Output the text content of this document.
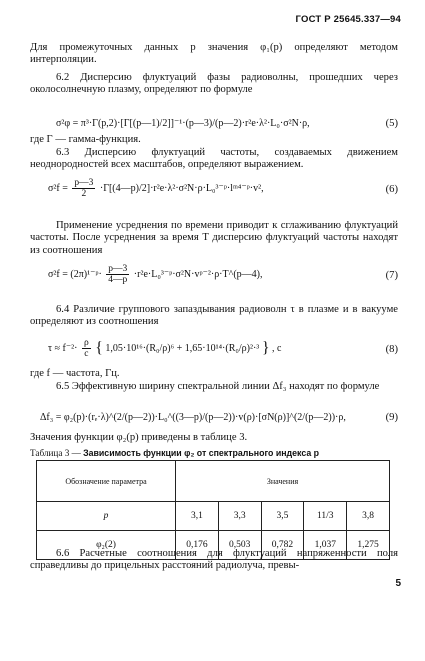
ГОСТ Р 25645.337—94
Для промежуточных данных p значения φ₁(p) определяют методом интерполяции.
6.2 Дисперсию флуктуаций фазы радиоволны, прошедших через околосолнечную плазму, определяют по формуле
σ²φ = π³·Г(p,2)·[Г[(p—1)/2]]⁻¹·(p—3)/(p—2)·r²e·λ²·L₀·σ²N·ρ,	(5)
где Г — гамма-функция.
6.3 Дисперсию флуктуаций частоты, создаваемых движением неоднородностей всех масштабов, определяют выражением.
$\sigma^2f = \frac{p—3}{2}$ ·Г[(4—p)/2]·r²e·λ²·σ²N·ρ·L₀³⁻ᵖ·lᵐ⁴⁻ᵖ·v²,	(6)
Применение усреднения по времени приводит к сглаживанию флуктуаций частоты. После усреднения за время T дисперсию флуктуаций частоты находят из соотношения
σ²f = (2π)¹⁻ᵖ· $\frac{p—3}{4—p}$ ·r²e·L₀³⁻ᵖ·σ²N·vᵖ⁻²·ρ·T^(p—4),	(7)
6.4 Различие группового запаздывания радиоволн τ в плазме и в вакууме определяют из соотношения
$\tau \approx f^{-2}\cdot \frac{\rho}{c}$ { 1,05·10¹⁶·(R₀/ρ)⁶ + 1,65·10¹⁴·(R₀/ρ)²·³ } , с	(8)
где f — частота, Гц.
6.5 Эффективную ширину спектральной линии Δf₃ находят по формуле
Δf₃ = φ₂(p)·(rₑ·λ)^(2/(p—2))·L₀^((3—p)/(p—2))·v(ρ)·[σN(ρ)]^(2/(p—2))·ρ,	(9)
Значения функции φ₂(p) приведены в таблице 3.
Таблица 3 — Зависимость функции φ₂ от спектрального индекса p
Обозначение параметра	Значения				
p	3,1	3,3	3,5	11/3	3,8
φ₂(2)	0,176	0,503	0,782	1,037	1,275
6.6 Расчетные соотношения для флуктуаций напряженности поля справедливы до прицельных расстояний радиолуча, превы-
5
